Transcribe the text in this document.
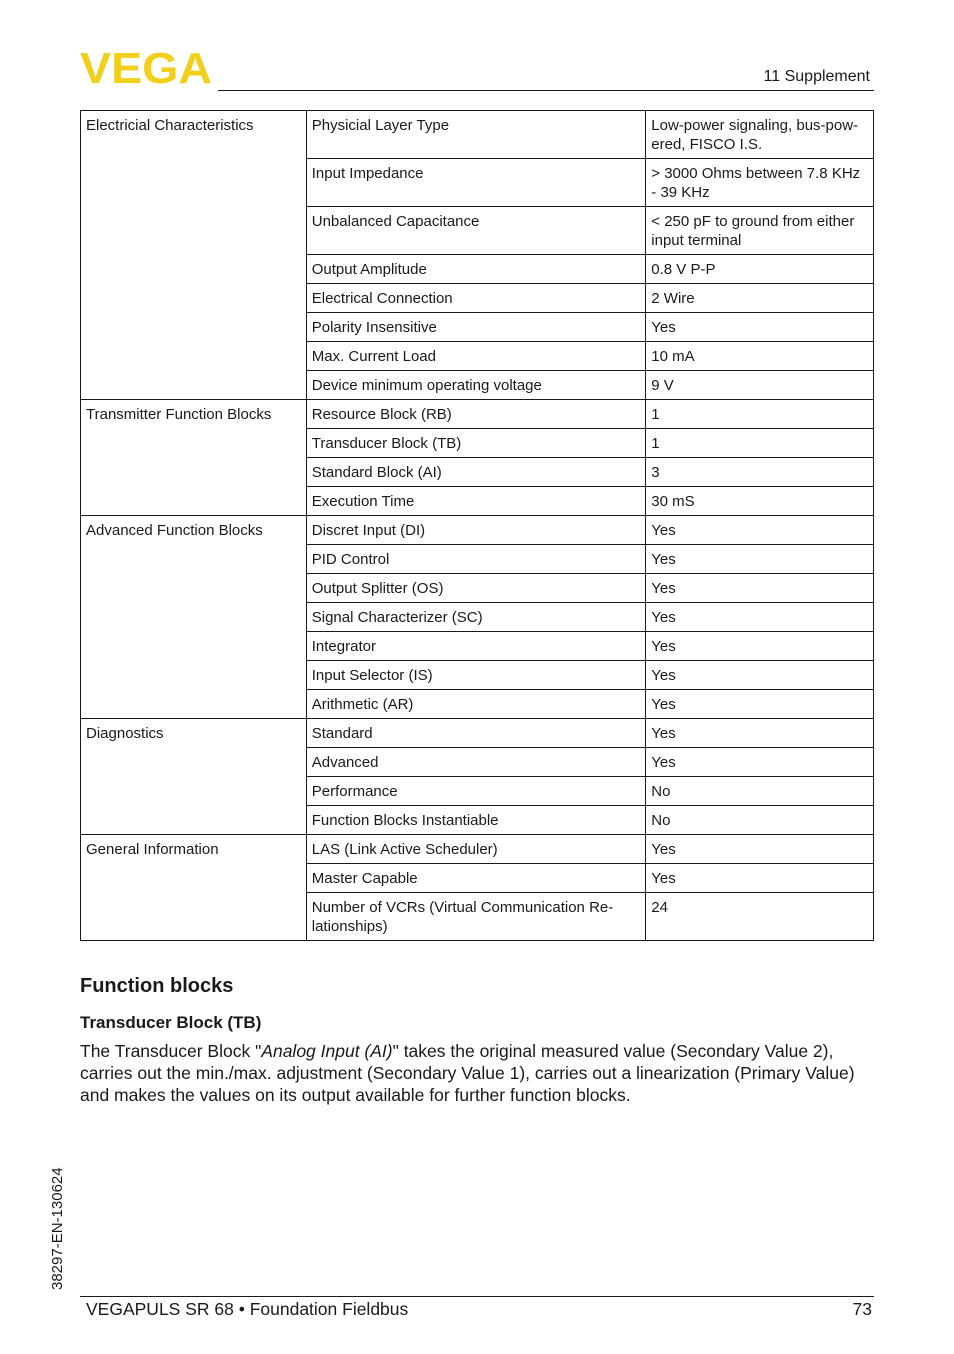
VEGA	11 Supplement
Electricial Characteristics	Physicial Layer Type	Low-power signaling, bus-pow-ered, FISCO I.S.
	Input Impedance	> 3000 Ohms between 7.8 KHz - 39 KHz
	Unbalanced Capacitance	< 250 pF to ground from either input terminal
	Output Amplitude	0.8 V P-P
	Electrical Connection	2 Wire
	Polarity Insensitive	Yes
	Max. Current Load	10 mA
	Device minimum operating voltage	9 V
Transmitter Function Blocks	Resource Block (RB)	1
	Transducer Block (TB)	1
	Standard Block (AI)	3
	Execution Time	30 mS
Advanced Function Blocks	Discret Input (DI)	Yes
	PID Control	Yes
	Output Splitter (OS)	Yes
	Signal Characterizer (SC)	Yes
	Integrator	Yes
	Input Selector (IS)	Yes
	Arithmetic (AR)	Yes
Diagnostics	Standard	Yes
	Advanced	Yes
	Performance	No
	Function Blocks Instantiable	No
General Information	LAS (Link Active Scheduler)	Yes
	Master Capable	Yes
	Number of VCRs (Virtual Communication Re-lationships)	24
Function blocks
Transducer Block (TB)

The Transducer Block "Analog Input (AI)" takes the original measured value (Secondary Value 2), carries out the min./max. adjustment (Secondary Value 1), carries out a linearization (Primary Value) and makes the values on its output available for further function blocks.

38297-EN-130624
VEGAPULS SR 68 • Foundation Fieldbus	73
